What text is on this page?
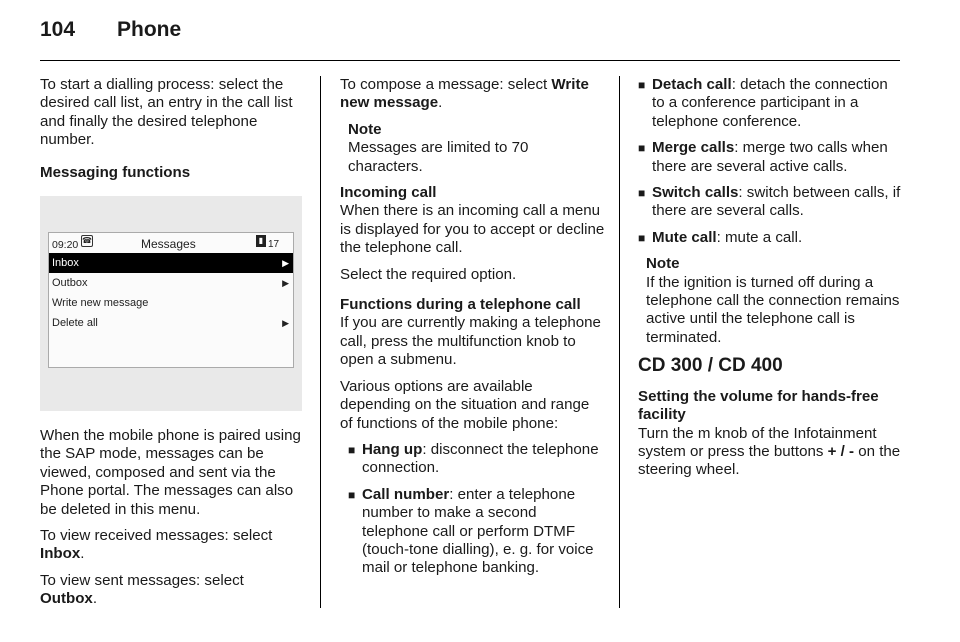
104 Phone

To start a dialling process: select the desired call list, an entry in the call list and finally the desired telephone number.

Messaging functions

09:20 ☎	Messages	▮ 17
Inbox	▶
Outbox	▶
Write new message
Delete all	▶

When the mobile phone is paired using the SAP mode, messages can be viewed, composed and sent via the Phone portal. The messages can also be deleted in this menu.

To view received messages: select Inbox.

To view sent messages: select Outbox.

To compose a message: select Write new message.

Note
Messages are limited to 70 characters.

Incoming call

When there is an incoming call a menu is displayed for you to accept or decline the telephone call.

Select the required option.

Functions during a telephone call

If you are currently making a telephone call, press the multifunction knob to open a submenu.

Various options are available depending on the situation and range of functions of the mobile phone:

■ Hang up: disconnect the telephone connection.
■ Call number: enter a telephone number to make a second telephone call or perform DTMF (touch-tone dialling), e. g. for voice mail or telephone banking.
■ Detach call: detach the connection to a conference participant in a telephone conference.
■ Merge calls: merge two calls when there are several active calls.
■ Switch calls: switch between calls, if there are several calls.
■ Mute call: mute a call.
Note
If the ignition is turned off during a telephone call the connection remains active until the telephone call is terminated.
CD 300 / CD 400

Setting the volume for hands-free facility

Turn the m knob of the Infotainment system or press the buttons + / - on the steering wheel.
